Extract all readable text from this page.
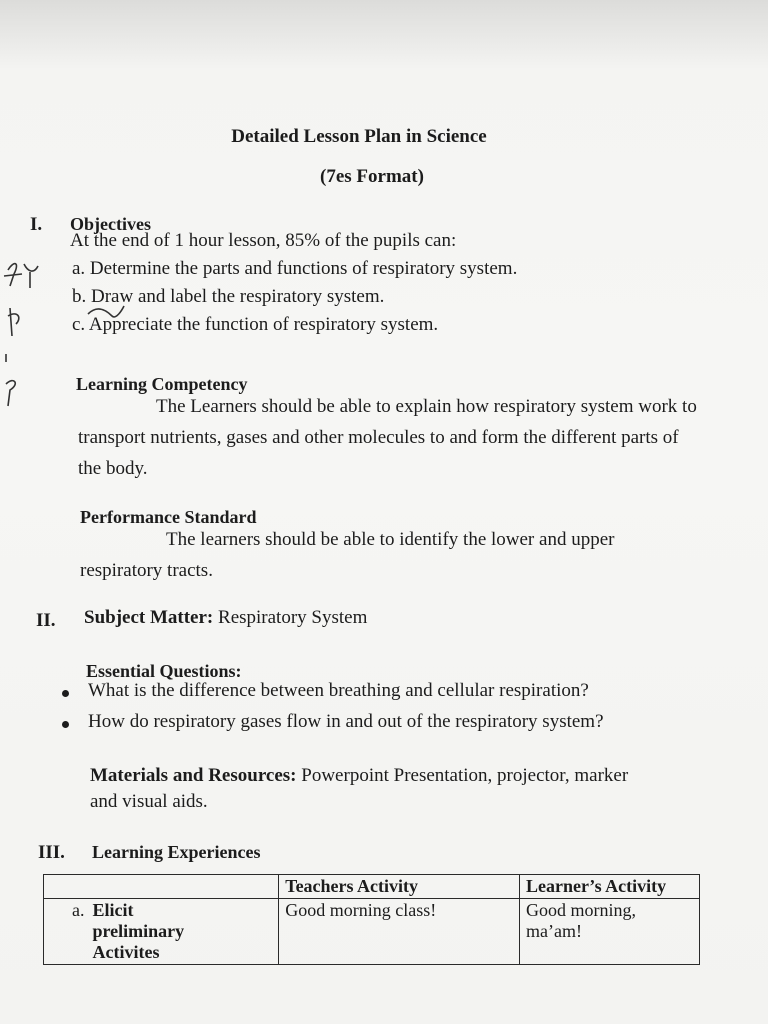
Detailed Lesson Plan in Science
(7es Format)
I. Objectives
At the end of 1 hour lesson, 85% of the pupils can:
a. Determine the parts and functions of respiratory system.
b. Draw and label the respiratory system.
c. Appreciate the function of respiratory system.
Learning Competency
The Learners should be able to explain how respiratory system work to transport nutrients, gases and other molecules to and form the different parts of the body.
Performance Standard
The learners should be able to identify the lower and upper respiratory tracts.
II. Subject Matter: Respiratory System
Essential Questions:
What is the difference between breathing and cellular respiration?
How do respiratory gases flow in and out of the respiratory system?
Materials and Resources: Powerpoint Presentation, projector, marker and visual aids.
III. Learning Experiences
	Teachers Activity	Learner’s Activity

a. Elicit preliminary Activites	Good morning class!	Good morning, ma’am!
